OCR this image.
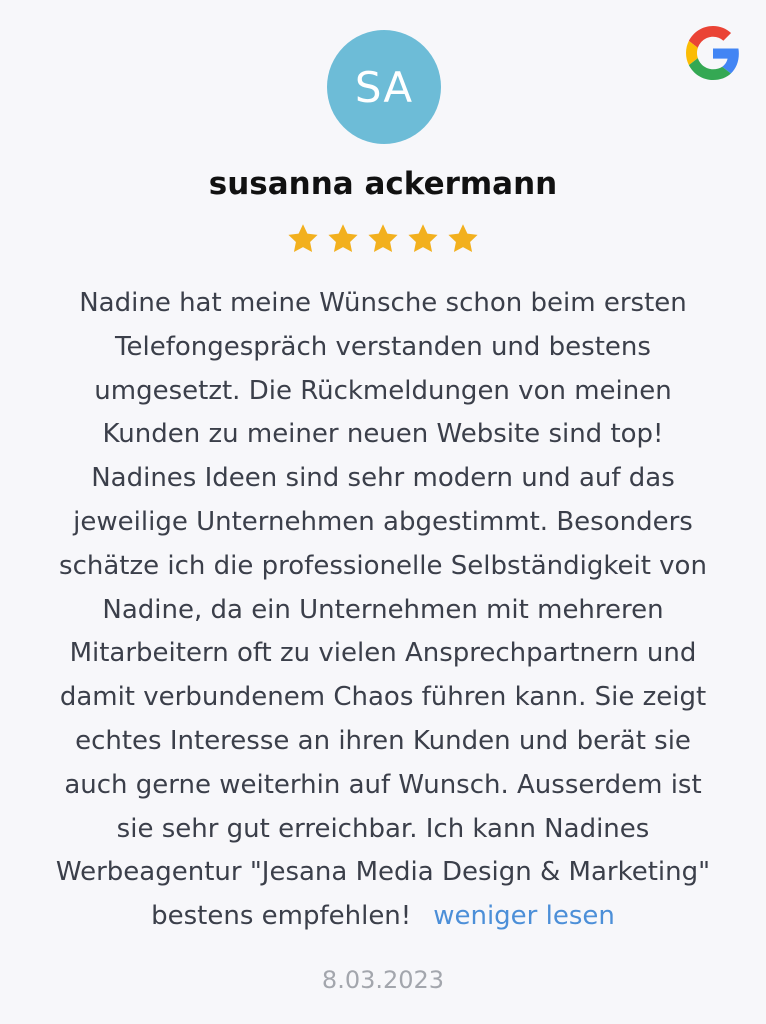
SA
susanna ackermann
Nadine hat meine Wünsche schon beim ersten
Telefongespräch verstanden und bestens
umgesetzt. Die Rückmeldungen von meinen
Kunden zu meiner neuen Website sind top!
Nadines Ideen sind sehr modern und auf das
jeweilige Unternehmen abgestimmt. Besonders
schätze ich die professionelle Selbständigkeit von
Nadine, da ein Unternehmen mit mehreren
Mitarbeitern oft zu vielen Ansprechpartnern und
damit verbundenem Chaos führen kann. Sie zeigt
echtes Interesse an ihren Kunden und berät sie
auch gerne weiterhin auf Wunsch. Ausserdem ist
sie sehr gut erreichbar. Ich kann Nadines
Werbeagentur "Jesana Media Design & Marketing"
bestens empfehlen! weniger lesen
8.03.2023
